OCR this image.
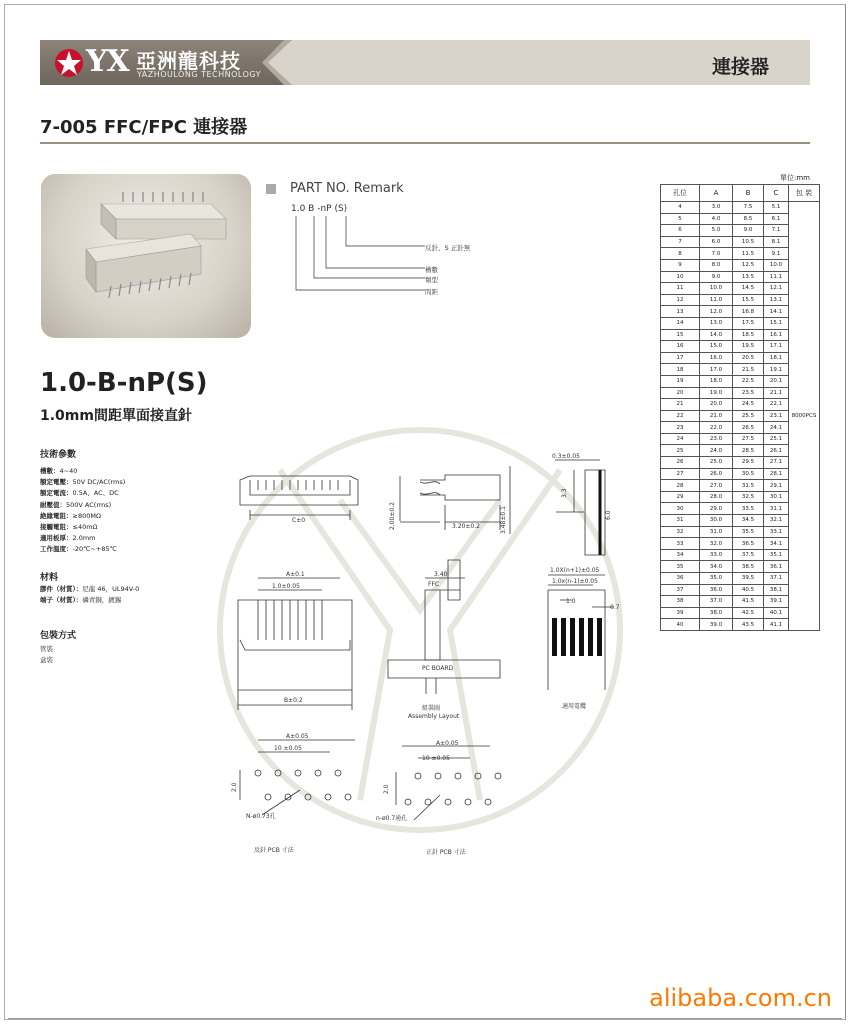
YX 亞洲龍科技
YAZHOULONG TECHNOLOGY	連接器
7-005 FFC/FPC 連接器
PART NO. Remark
1.0 B -nP (S)
反針、S 正針無
槽數
類型
間距
1.0-B-nP(S)
1.0mm間距單面接直針
技術參數
槽數：4~40
額定電壓：50V DC/AC(rms)
額定電流：0.5A、AC、DC
耐壓值：500V AC(rms)
絶緣電阻：≥800MΩ
接觸電阻：≤40mΩ
適用板厚：2.0mm
工作溫度：-20℃~+85℃
材料
膠件（材質）：尼龍 46，UL94V-0
端子（材質）：磷青銅，鍍錫
包裝方式
管裝
盒裝
C±0	2.00±0.2	3.20±0.2	3.48±0.1
0.3±0.05
3.3
6.0
A±0.1
1.0±0.05
B±0.2
3.40
FFC
PC BOARD
組裝圖
Assembly Layout
1.0X(n+1)±0.05
1.0x(n-1)±0.05
1.0
0.7
適用電纜
A±0.05
10 ±0.05
2.0
N-ø0.73孔
反針 PCB 寸法
A±0.05
10 ±0.05
2.0
n-ø0.7通孔
正針 PCB 寸法
單位:mm
孔位	A	B	C	包 裝
4	3.0	7.5	5.1	8000PCS
5	4.0	8.5	6.1	
6	5.0	9.0	7.1	
7	6.0	10.5	8.1	
8	7.0	11.5	9.1	
9	8.0	12.5	10.0	
10	9.0	13.5	11.1	
11	10.0	14.5	12.1	
12	11.0	15.5	13.1	
13	12.0	16.8	14.1	
14	13.0	17.5	15.1	
15	14.0	18.5	16.1	
16	15.0	19.5	17.1	
17	16.0	20.5	18.1	
18	17.0	21.5	19.1	
19	18.0	22.5	20.1	
20	19.0	23.5	21.1	
21	20.0	24.5	22.1	
22	21.0	25.5	23.1	
23	22.0	26.5	24.1	
24	23.0	27.5	25.1	
25	24.0	28.5	26.1	
26	25.0	29.5	27.1	
27	26.0	30.5	28.1	
28	27.0	31.5	29.1	
29	28.0	32.5	30.1	
30	29.0	33.5	31.1	
31	30.0	34.5	32.1	
32	31.0	35.5	33.1	
33	32.0	36.5	34.1	
34	33.0	37.5	35.1	
35	34.0	38.5	36.1	
36	35.0	39.5	37.1	
37	36.0	40.5	38.1	
38	37.0	41.5	39.1	
39	38.0	42.5	40.1	
40	39.0	43.5	41.1	
alibaba.com.cn
